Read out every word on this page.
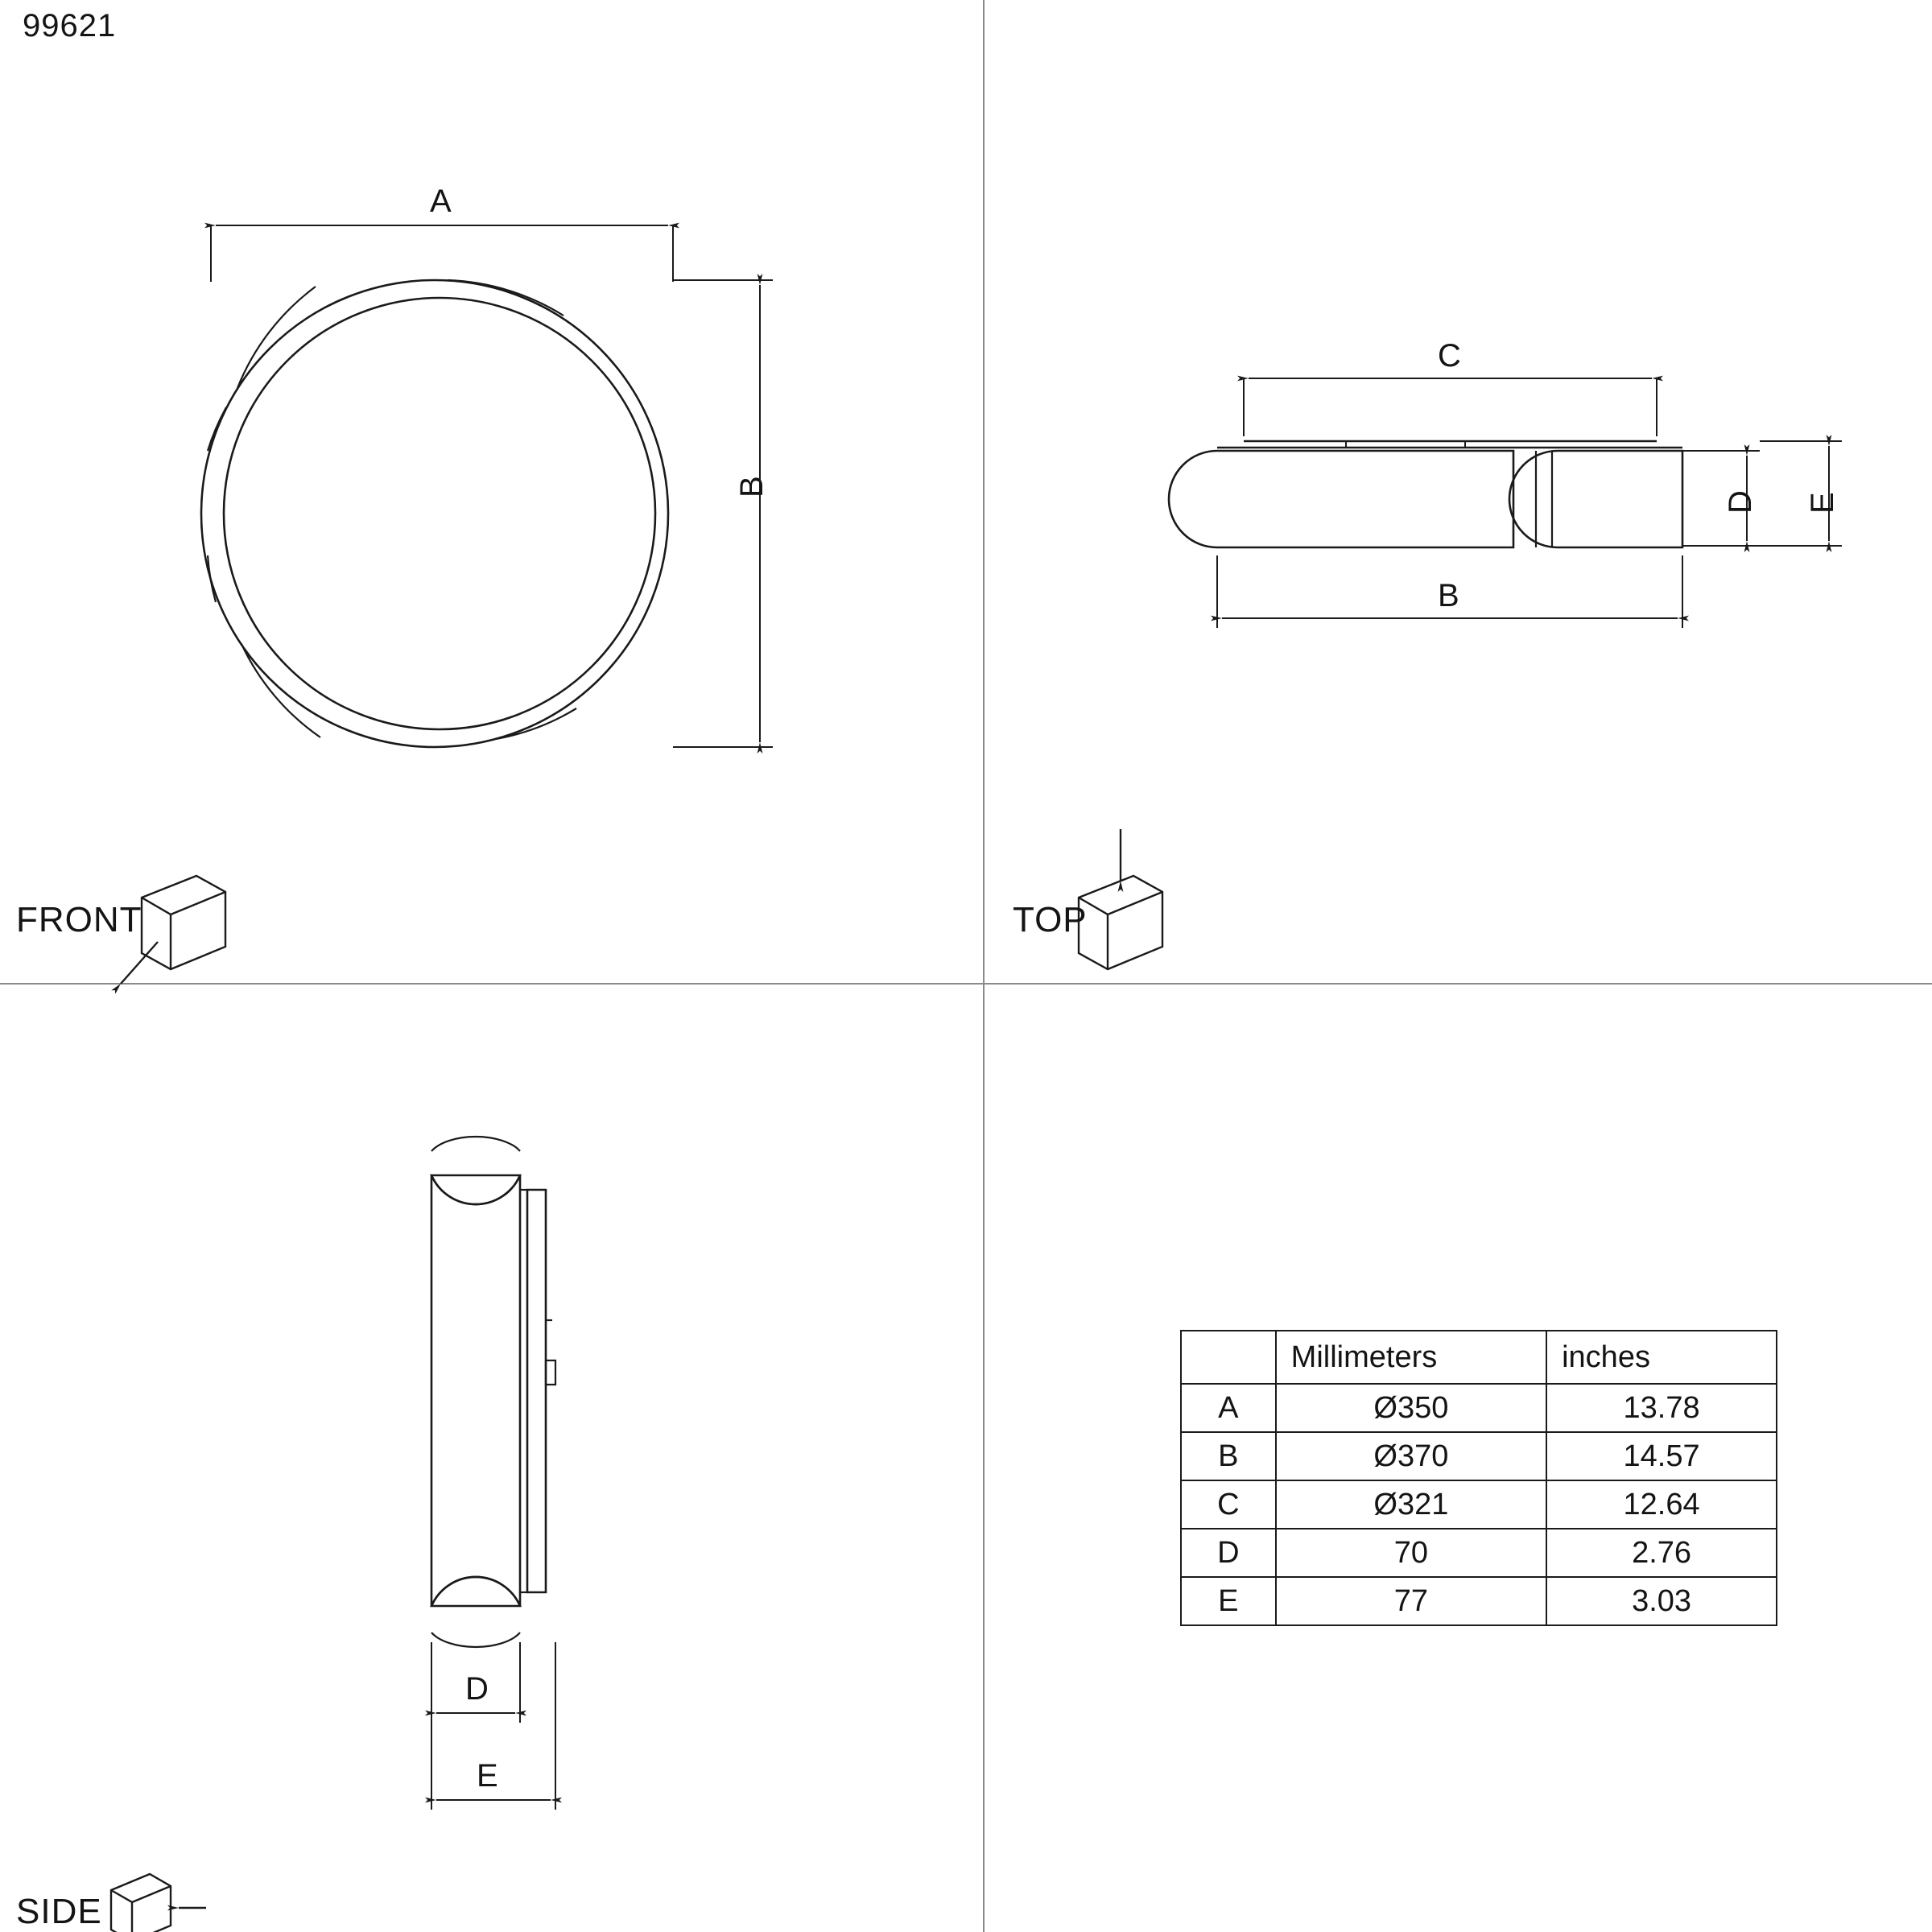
99621
FRONT	TOP
SIDE
A
B
C
B
D E
D
E
	Millimeters	inches
A	Ø350	13.78
B	Ø370	14.57
C	Ø321	12.64
D	70	2.76
E	77	3.03
